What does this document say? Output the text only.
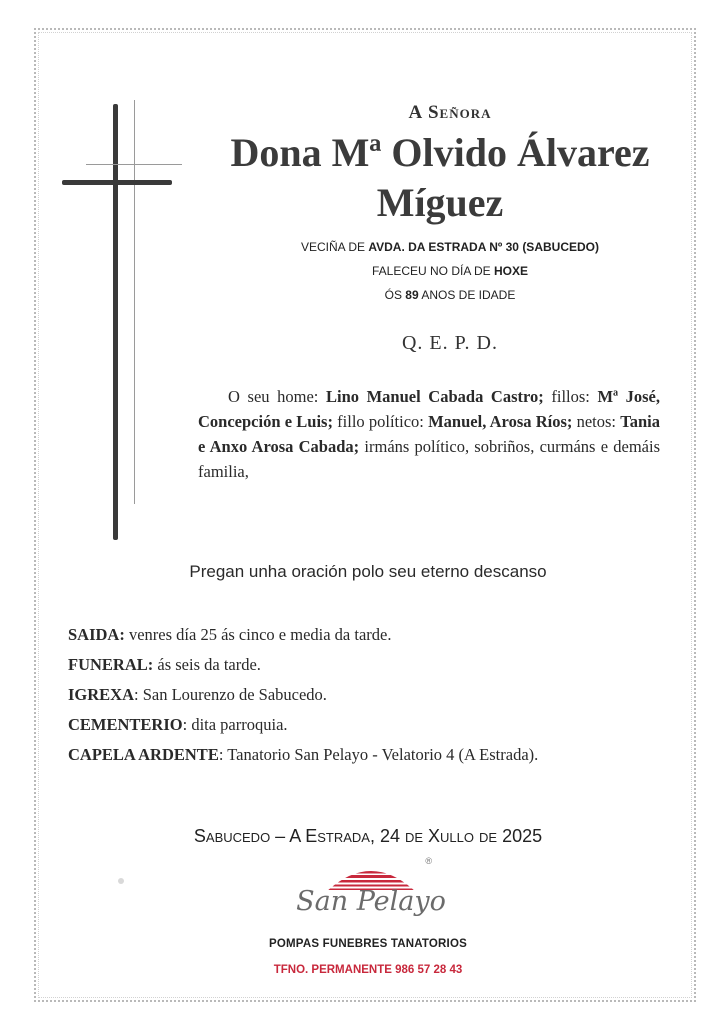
A Señora
Dona Mª Olvido Álvarez Míguez
VECIÑA DE AVDA. DA ESTRADA Nº 30 (SABUCEDO)
FALECEU NO DÍA DE HOXE
ÓS 89 ANOS DE IDADE
Q. E. P. D.
O seu home: Lino Manuel Cabada Castro; fillos: Mª José, Concepción e Luis; fillo político: Manuel, Arosa Ríos; netos: Tania e Anxo Arosa Cabada; irmáns político, sobriños, curmáns e demáis familia,
Pregan unha oración polo seu eterno descanso
SAIDA: venres día 25 ás cinco e media da tarde.
FUNERAL: ás seis da tarde.
IGREXA: San Lourenzo de Sabucedo.
CEMENTERIO: dita parroquia.
CAPELA ARDENTE: Tanatorio San Pelayo - Velatorio 4 (A Estrada).
Sabucedo – A Estrada, 24 de Xullo de 2025
®
San Pelayo
POMPAS FUNEBRES TANATORIOS
TFNO. PERMANENTE 986 57 28 43
